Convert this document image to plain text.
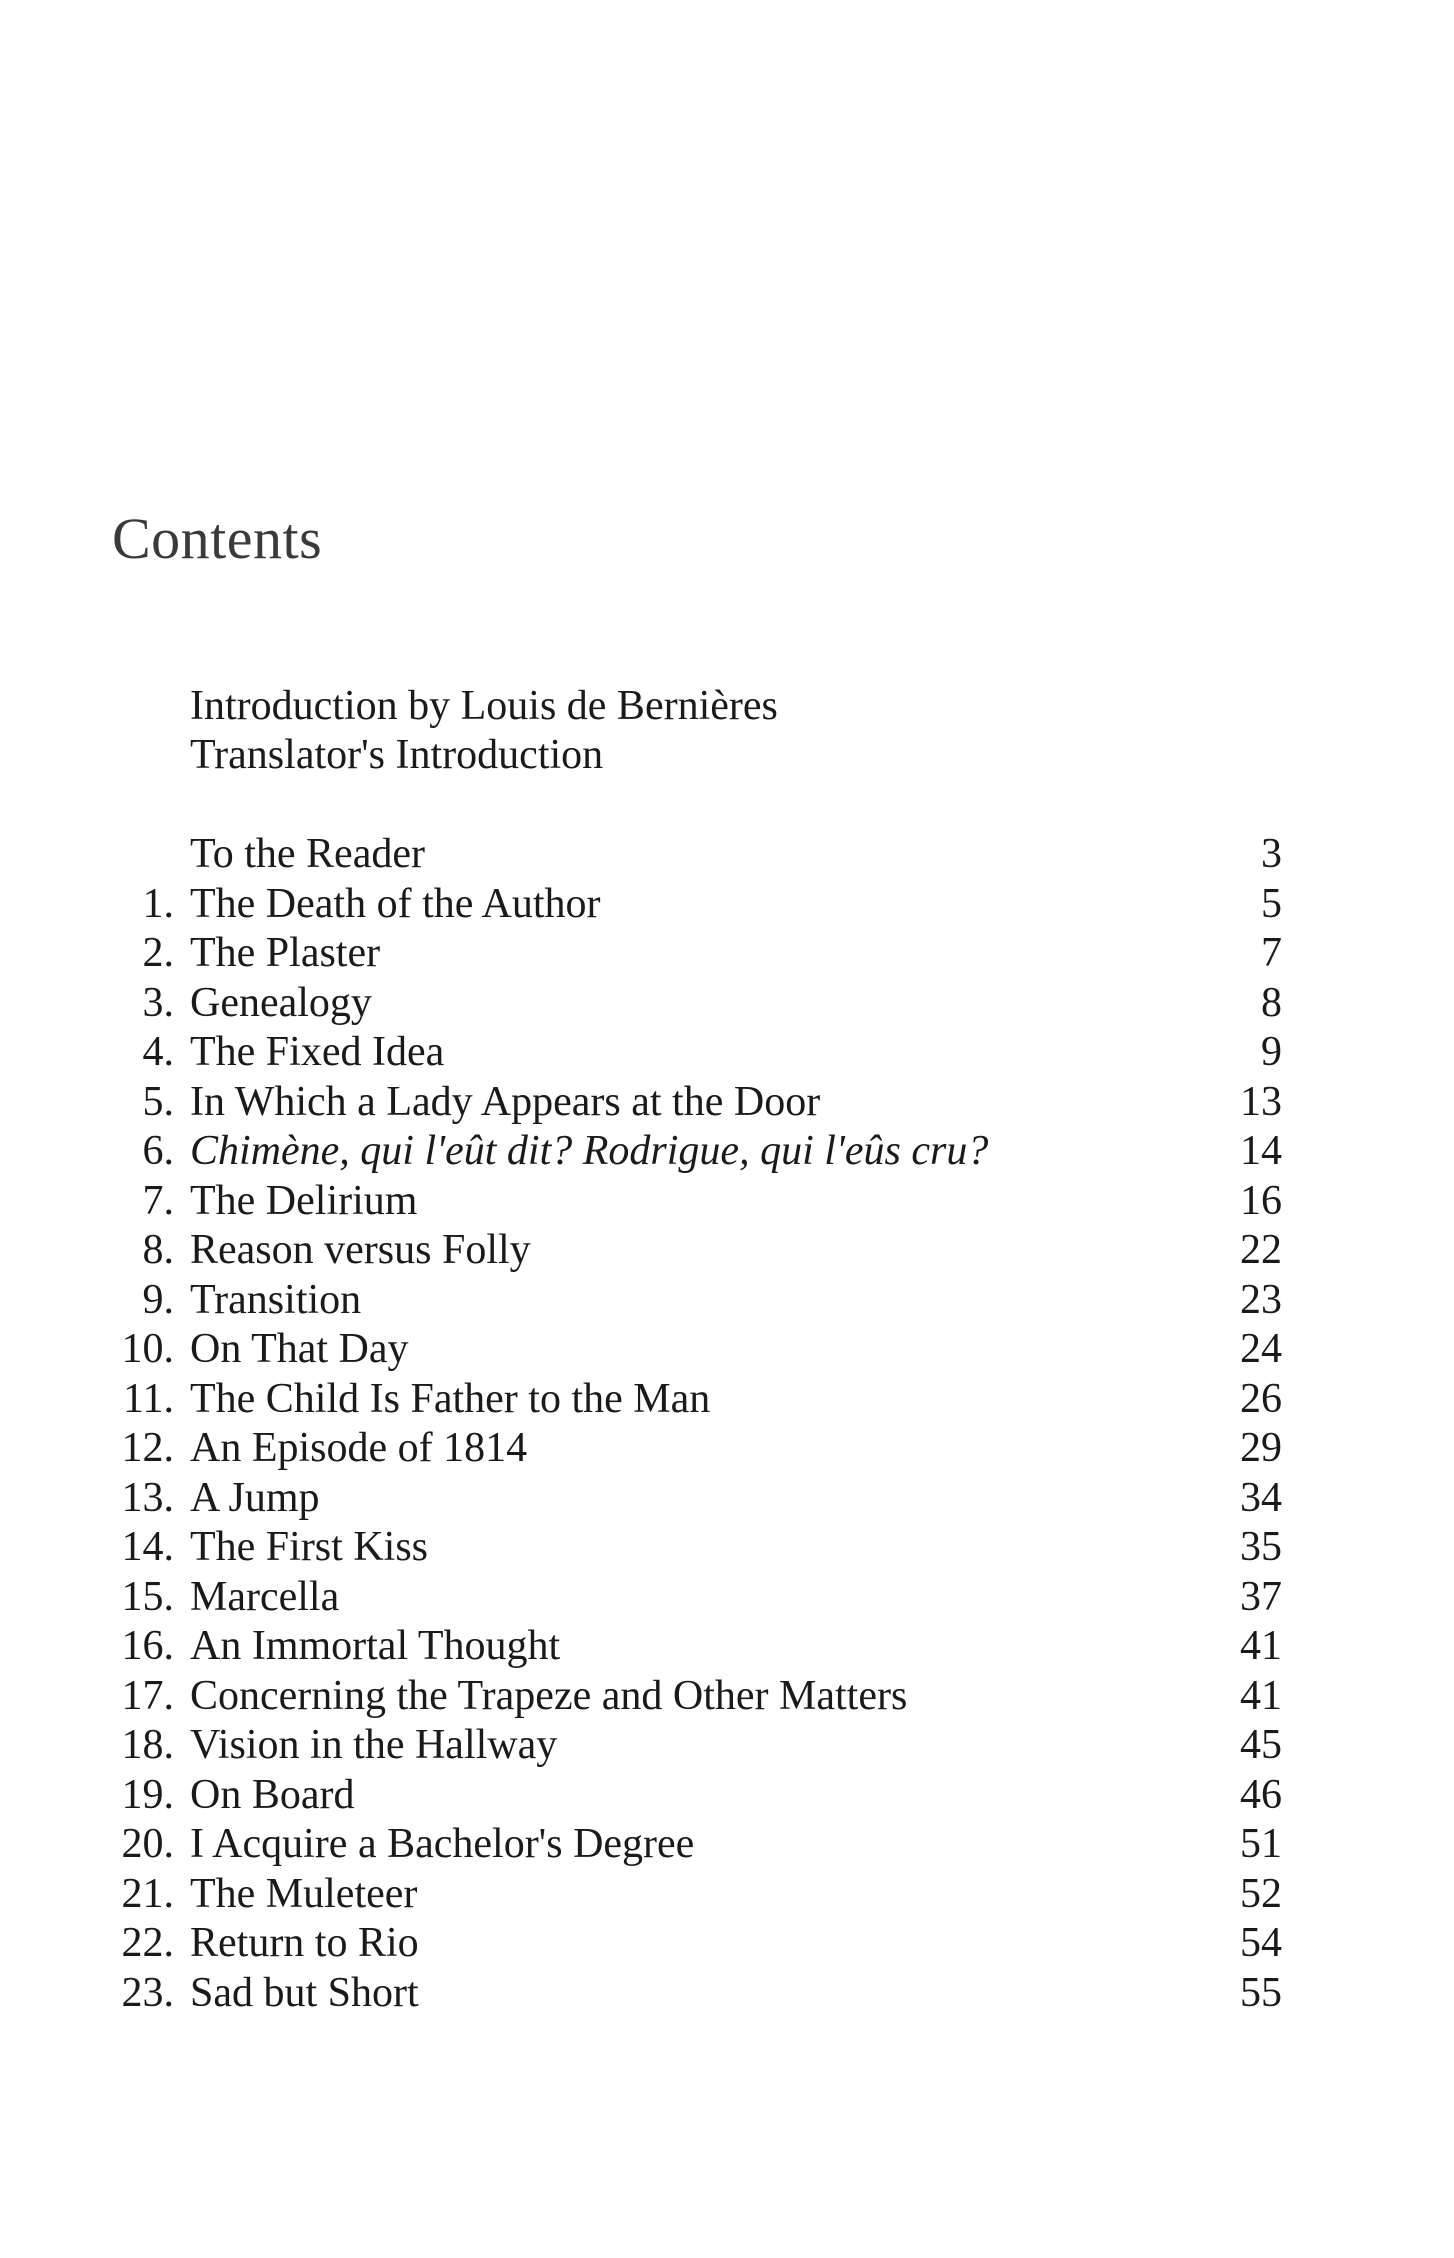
Contents
Introduction by Louis de Bernières
Translator's Introduction
To the Reader	3
1. The Death of the Author	5
2. The Plaster	7
3. Genealogy	8
4. The Fixed Idea	9
5. In Which a Lady Appears at the Door	13
6. Chimène, qui l'eût dit? Rodrigue, qui l'eûs cru?	14
7. The Delirium	16
8. Reason versus Folly	22
9. Transition	23
10. On That Day	24
11. The Child Is Father to the Man	26
12. An Episode of 1814	29
13. A Jump	34
14. The First Kiss	35
15. Marcella	37
16. An Immortal Thought	41
17. Concerning the Trapeze and Other Matters	41
18. Vision in the Hallway	45
19. On Board	46
20. I Acquire a Bachelor's Degree	51
21. The Muleteer	52
22. Return to Rio	54
23. Sad but Short	55
